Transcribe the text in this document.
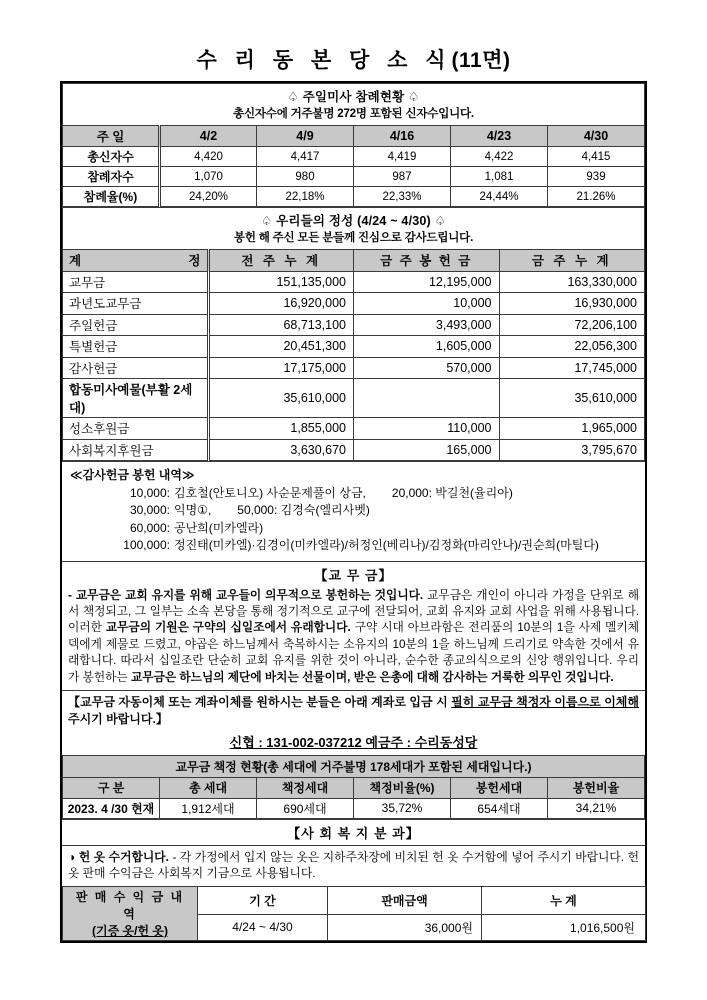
수 리 동 본 당 소 식(11면)
♤ 주일미사 참례현황 ♤
총신자수에 거주불명 272명 포함된 신자수입니다.					

주 일	4/2	4/9	4/16	4/23	4/30
총신자수	4,420	4,417	4,419	4,422	4,415
참례자수	1,070	980	987	1,081	939
참례율(%)	24,20%	22,18%	22,33%	24,44%	21.26%
♤ 우리들의 정성 (4/24 ~ 4/30) ♤
봉헌 해 주신 모든 분들께 진심으로 감사드립니다.			

계 정	전 주 누 계	금 주 봉 헌 금	금 주 누 계
교무금	151,135,000	12,195,000	163,330,000
과년도교무금	16,920,000	10,000	16,930,000
주일헌금	68,713,100	3,493,000	72,206,100
특별헌금	20,451,300	1,605,000	22,056,300
감사헌금	17,175,000	570,000	17,745,000
합동미사예물(부활 2세대)	35,610,000		35,610,000
성소후원금	1,855,000	110,000	1,965,000
사회복지후원금	3,630,670	165,000	3,795,670
≪감사헌금 봉헌 내역≫
10,000: 김호철(안토니오) 사순문제풀이 상금, 20,000: 박길천(율리아)
30,000: 익명①, 50,000: 김경숙(엘리사벳)
60,000: 공난희(미카엘라)
100,000: 정진태(미카엘)·김경이(미카엘라)/허정인(베리나)/김정화(마리안나)/권순희(마틸다)
【교 무 금】
- 교무금은 교회 유지를 위해 교우들이 의무적으로 봉헌하는 것입니다. 교무금은 개인이 아니라 가정을 단위로 해서 책정되고, 그 일부는 소속 본당을 통해 정기적으로 교구에 전달되어, 교회 유지와 교회 사업을 위해 사용됩니다. 이러한 교무금의 기원은 구약의 십일조에서 유래합니다. 구약 시대 아브라함은 전리품의 10분의 1을 사제 멜키체덱에게 제물로 드렸고, 야곱은 하느님께서 축복하시는 소유지의 10분의 1을 하느님께 드리기로 약속한 것에서 유래합니다. 따라서 십일조란 단순히 교회 유지를 위한 것이 아니라, 순수한 종교의식으로의 신앙 행위입니다. 우리가 봉헌하는 교무금은 하느님의 제단에 바치는 선물이며, 받은 은총에 대해 감사하는 거룩한 의무인 것입니다.
【교무금 자동이체 또는 계좌이체를 원하시는 분들은 아래 계좌로 입금 시 필히 교무금 책정자 이름으로 이체해 주시기 바랍니다.】
신협 : 131-002-037212 예금주 : 수리동성당
교무금 책정 현황(총 세대에 거주불명 178세대가 포함된 세대입니다.)					
구 분	총 세대	책정세대	책정비율(%)	봉헌세대	봉헌비율
2023. 4 /30 현재	1,912세대	690세대	35,72%	654세대	34,21%
【사 회 복 지 분 과】
◑ 헌 옷 수거합니다. - 각 가정에서 입지 않는 옷은 지하주차장에 비치된 헌 옷 수거함에 넣어 주시기 바랍니다. 헌 옷 판매 수익금은 사회복지 기금으로 사용됩니다.
판 매 수 익 금 내 역
(기증 옷/헌 옷)	기 간	판매금액	누 계
	4/24 ~ 4/30	36,000원	1,016,500원
